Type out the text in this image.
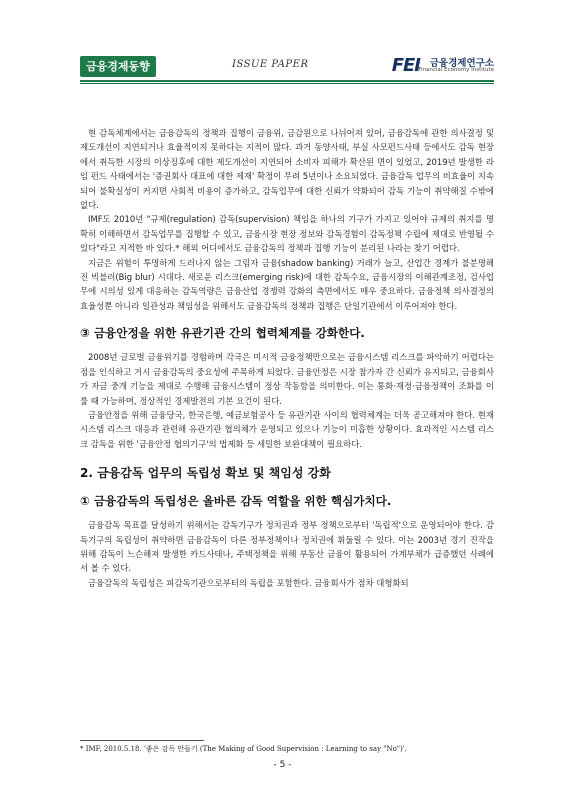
금융경제동향	ISSUE PAPER	FEI 금융경제연구소
Financial Economy Institute

현 감독체계에서는 금융감독의 정책과 집행이 금융위, 금감원으로 나뉘어져 있어, 금융감독에 관한 의사결정 및 제도개선이 지연되거나 효율적이지 못하다는 지적이 많다. 과거 동양사태, 부실 사모펀드사태 등에서도 감독 현장에서 취득한 시장의 이상징후에 대한 제도개선이 지연되어 소비자 피해가 확산된 면이 있었고, 2019년 발생한 라임 펀드 사태에서는 '증권회사 대표에 대한 제재' 확정이 무려 5년이나 소요되었다. 금융감독 업무의 비효율이 지속되어 불확실성이 커지면 사회적 비용이 증가하고, 감독업무에 대한 신뢰가 약화되어 감독 기능이 취약해질 수밖에 없다.

IMF도 2010년 "규제(regulation) 감독(supervision) 책임을 하나의 기구가 가지고 있어야 규제의 취지를 명확히 이해하면서 감독업무를 집행할 수 있고, 금융시장 현장 정보와 감독경험이 감독정책 수립에 제대로 반영될 수 있다"라고 지적한 바 있다.* 해외 어디에서도 금융감독의 정책과 집행 기능이 분리된 나라는 찾기 어렵다.

지금은 위험이 투명하게 드러나지 않는 그림자 금융(shadow banking) 거래가 늘고, 산업간 경계가 불분명해진 빅블러(Big blur) 시대다. 새로운 리스크(emerging risk)에 대한 감독수요, 금융시장의 이해관계조정, 검사업무에 시의성 있게 대응하는 감독역량은 금융산업 경쟁력 강화의 측면에서도 매우 중요하다. 금융정책 의사결정의 효율성뿐 아니라 일관성과 책임성을 위해서도 금융감독의 정책과 집행은 단일기관에서 이루어져야 한다.

③ 금융안정을 위한 유관기관 간의 협력체계를 강화한다.

2008년 글로벌 금융위기를 경험하며 각국은 미시적 금융정책만으로는 금융시스템 리스크를 파악하기 어렵다는 점을 인식하고 거시 금융감독의 중요성에 주목하게 되었다. 금융안정은 시장 참가자 간 신뢰가 유지되고, 금융회사가 자금 중개 기능을 제대로 수행해 금융시스템이 정상 작동함을 의미한다. 이는 통화·재정·금융정책이 조화를 이룰 때 가능하며, 정상적인 경제발전의 기본 요건이 된다.

금융안정을 위해 금융당국, 한국은행, 예금보험공사 등 유관기관 사이의 협력체계는 더욱 공고해져야 한다. 현재 시스템 리스크 대응과 관련해 유관기관 협의체가 운영되고 있으나 기능이 미흡한 상황이다. 효과적인 시스템 리스크 감독을 위한 '금융안정 협의기구'의 법제화 등 세밀한 보완대책이 필요하다.

2. 금융감독 업무의 독립성 확보 및 책임성 강화

① 금융감독의 독립성은 올바른 감독 역할을 위한 핵심가치다.

금융감독 목표를 달성하기 위해서는 감독기구가 정치권과 정부 정책으로부터 '독립적'으로 운영되어야 한다. 감독기구의 독립성이 취약하면 금융감독이 다른 정부정책이나 정치권에 휘둘릴 수 있다. 이는 2003년 경기 진작을 위해 감독이 느슨해져 발생한 카드사태나, 주택정책을 위해 부동산 금융이 활용되어 가계부채가 급증했던 사례에서 볼 수 있다.

금융감독의 독립성은 피감독기관으로부터의 독립을 포함한다. 금융회사가 점차 대형화되

* IMF, 2010.5.18. '좋은 감독 만들기 (The Making of Good Supervision : Learning to say "No")'.
- 5 -
